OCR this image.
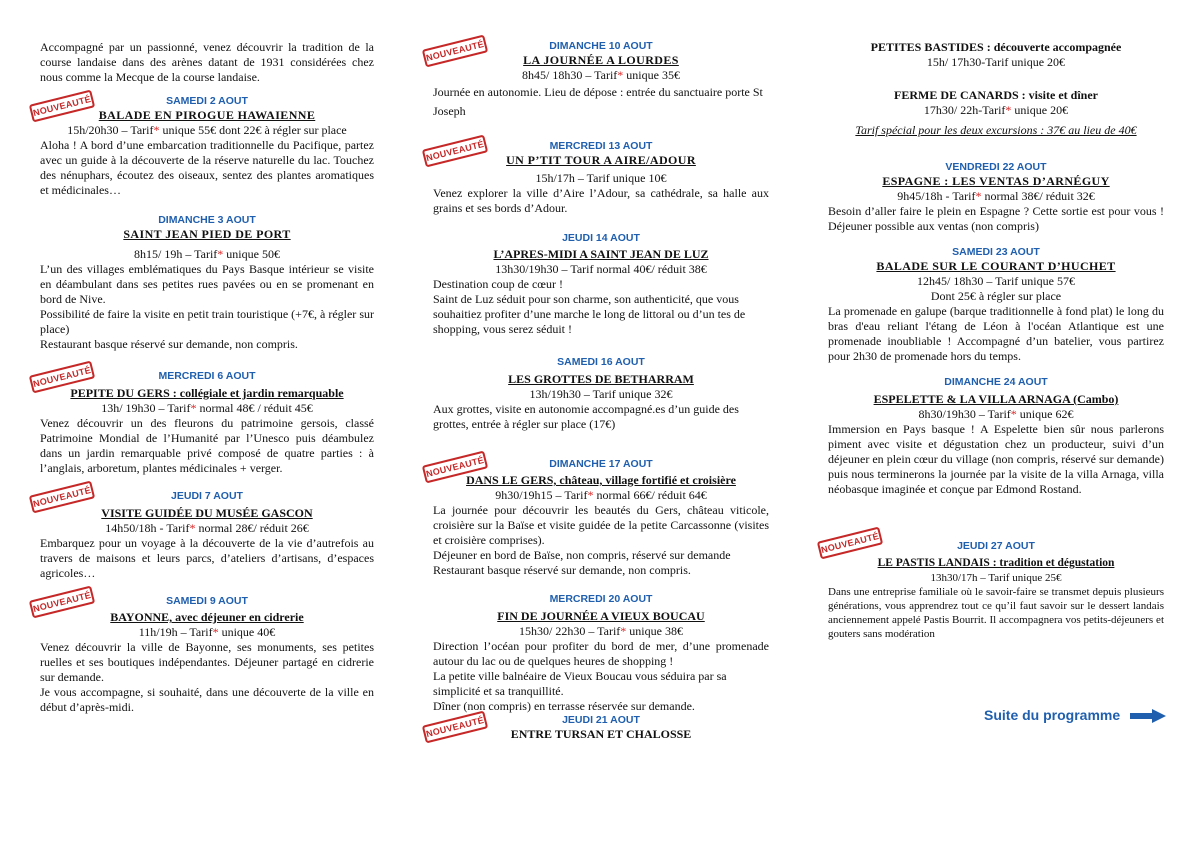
Accompagné par un passionné, venez découvrir la tradition de la course landaise dans des arènes datant de 1931 considérées chez nous comme la Mecque de la course landaise.

NOUVEAUTÉ	SAMEDI 2 AOUT
BALADE EN PIROGUE HAWAIENNE
15h/20h30 – Tarif* unique 55€ dont 22€ à régler sur place

Aloha ! A bord d’une embarcation traditionnelle du Pacifique, partez avec un guide à la découverte de la réserve naturelle du lac. Touchez des nénuphars, écoutez des oiseaux, sentez des plantes aromatiques et médicinales…

DIMANCHE 3 AOUT
SAINT JEAN PIED DE PORT
8h15/ 19h – Tarif* unique 50€

L’un des villages emblématiques du Pays Basque intérieur se visite en déambulant dans ses petites rues pavées ou en se promenant en bord de Nive.

Possibilité de faire la visite en petit train touristique (+7€, à régler sur place)

Restaurant basque réservé sur demande, non compris.

NOUVEAUTÉ	MERCREDI 6 AOUT
PEPITE DU GERS : collégiale et jardin remarquable
13h/ 19h30 – Tarif* normal 48€ / réduit 45€

Venez découvrir un des fleurons du patrimoine gersois, classé Patrimoine Mondial de l’Humanité par l’Unesco puis déambulez dans un jardin remarquable privé composé de quatre parties : à l’anglais, arboretum, plantes médicinales + verger.

NOUVEAUTÉ	JEUDI 7 AOUT
VISITE GUIDÉE DU MUSÉE GASCON
14h50/18h - Tarif* normal 28€/ réduit 26€

Embarquez pour un voyage à la découverte de la vie d’autrefois au travers de maisons et leurs parcs, d’ateliers d’artisans, d’espaces agricoles…

NOUVEAUTÉ	SAMEDI 9 AOUT
BAYONNE, avec déjeuner en cidrerie
11h/19h – Tarif* unique 40€

Venez découvrir la ville de Bayonne, ses monuments, ses petites ruelles et ses boutiques indépendantes. Déjeuner partagé en cidrerie sur demande.

Je vous accompagne, si souhaité, dans une découverte de la ville en début d’après-midi.

NOUVEAUTÉ	DIMANCHE 10 AOUT
LA JOURNÉE A LOURDES
8h45/ 18h30 – Tarif* unique 35€

Journée en autonomie. Lieu de dépose : entrée du sanctuaire porte St Joseph

NOUVEAUTÉ	MERCREDI 13 AOUT
UN P’TIT TOUR A AIRE/ADOUR
15h/17h – Tarif unique 10€

Venez explorer la ville d’Aire l’Adour, sa cathédrale, sa halle aux grains et ses bords d’Adour.

JEUDI 14 AOUT
L’APRES-MIDI A SAINT JEAN DE LUZ
13h30/19h30 – Tarif normal 40€/ réduit 38€

Destination coup de cœur !

Saint de Luz séduit pour son charme, son authenticité, que vous souhaitiez profiter d’une marche le long de littoral ou d’un tes de shopping, vous serez séduit !

SAMEDI 16 AOUT
LES GROTTES DE BETHARRAM
13h/19h30 – Tarif unique 32€

Aux grottes, visite en autonomie accompagné.es d’un guide des grottes, entrée à régler sur place (17€)

NOUVEAUTÉ	DIMANCHE 17 AOUT
DANS LE GERS, château, village fortifié et croisière
9h30/19h15 – Tarif* normal 66€/ réduit 64€

La journée pour découvrir les beautés du Gers, château viticole, croisière sur la Baïse et visite guidée de la petite Carcassonne (visites et croisière comprises).

Déjeuner en bord de Baïse, non compris, réservé sur demande

Restaurant basque réservé sur demande, non compris.

MERCREDI 20 AOUT
FIN DE JOURNÉE A VIEUX BOUCAU
15h30/ 22h30 – Tarif* unique 38€

Direction l’océan pour profiter du bord de mer, d’une promenade autour du lac ou de quelques heures de shopping !

La petite ville balnéaire de Vieux Boucau vous séduira par sa simplicité et sa tranquillité.

Dîner (non compris) en terrasse réservée sur demande.

NOUVEAUTÉ	JEUDI 21 AOUT
ENTRE TURSAN ET CHALOSSE
PETITES BASTIDES : découverte accompagnée
15h/ 17h30-Tarif unique 20€
FERME DE CANARDS : visite et dîner
17h30/ 22h-Tarif* unique 20€
Tarif spécial pour les deux excursions : 37€ au lieu de 40€
VENDREDI 22 AOUT
ESPAGNE : LES VENTAS D’ARNÉGUY
9h45/18h - Tarif* normal 38€/ réduit 32€

Besoin d’aller faire le plein en Espagne ? Cette sortie est pour vous ! Déjeuner possible aux ventas (non compris)

SAMEDI 23 AOUT
BALADE SUR LE COURANT D’HUCHET
12h45/ 18h30 – Tarif unique 57€
Dont 25€ à régler sur place

La promenade en galupe (barque traditionnelle à fond plat) le long du bras d'eau reliant l'étang de Léon à l'océan Atlantique est une promenade inoubliable ! Accompagné d’un batelier, vous partirez pour 2h30 de promenade hors du temps.

DIMANCHE 24 AOUT
ESPELETTE & LA VILLA ARNAGA (Cambo)
8h30/19h30 – Tarif* unique 62€

Immersion en Pays basque ! A Espelette bien sûr nous parlerons piment avec visite et dégustation chez un producteur, suivi d’un déjeuner en plein cœur du village (non compris, réservé sur demande) puis nous terminerons la journée par la visite de la villa Arnaga, villa néobasque imaginée et conçue par Edmond Rostand.

NOUVEAUTÉ	JEUDI 27 AOUT
LE PASTIS LANDAIS : tradition et dégustation
13h30/17h – Tarif unique 25€

Dans une entreprise familiale où le savoir-faire se transmet depuis plusieurs générations, vous apprendrez tout ce qu’il faut savoir sur le dessert landais anciennement appelé Pastis Bourrit. Il accompagnera vos petits-déjeuners et gouters sans modération

Suite du programme
